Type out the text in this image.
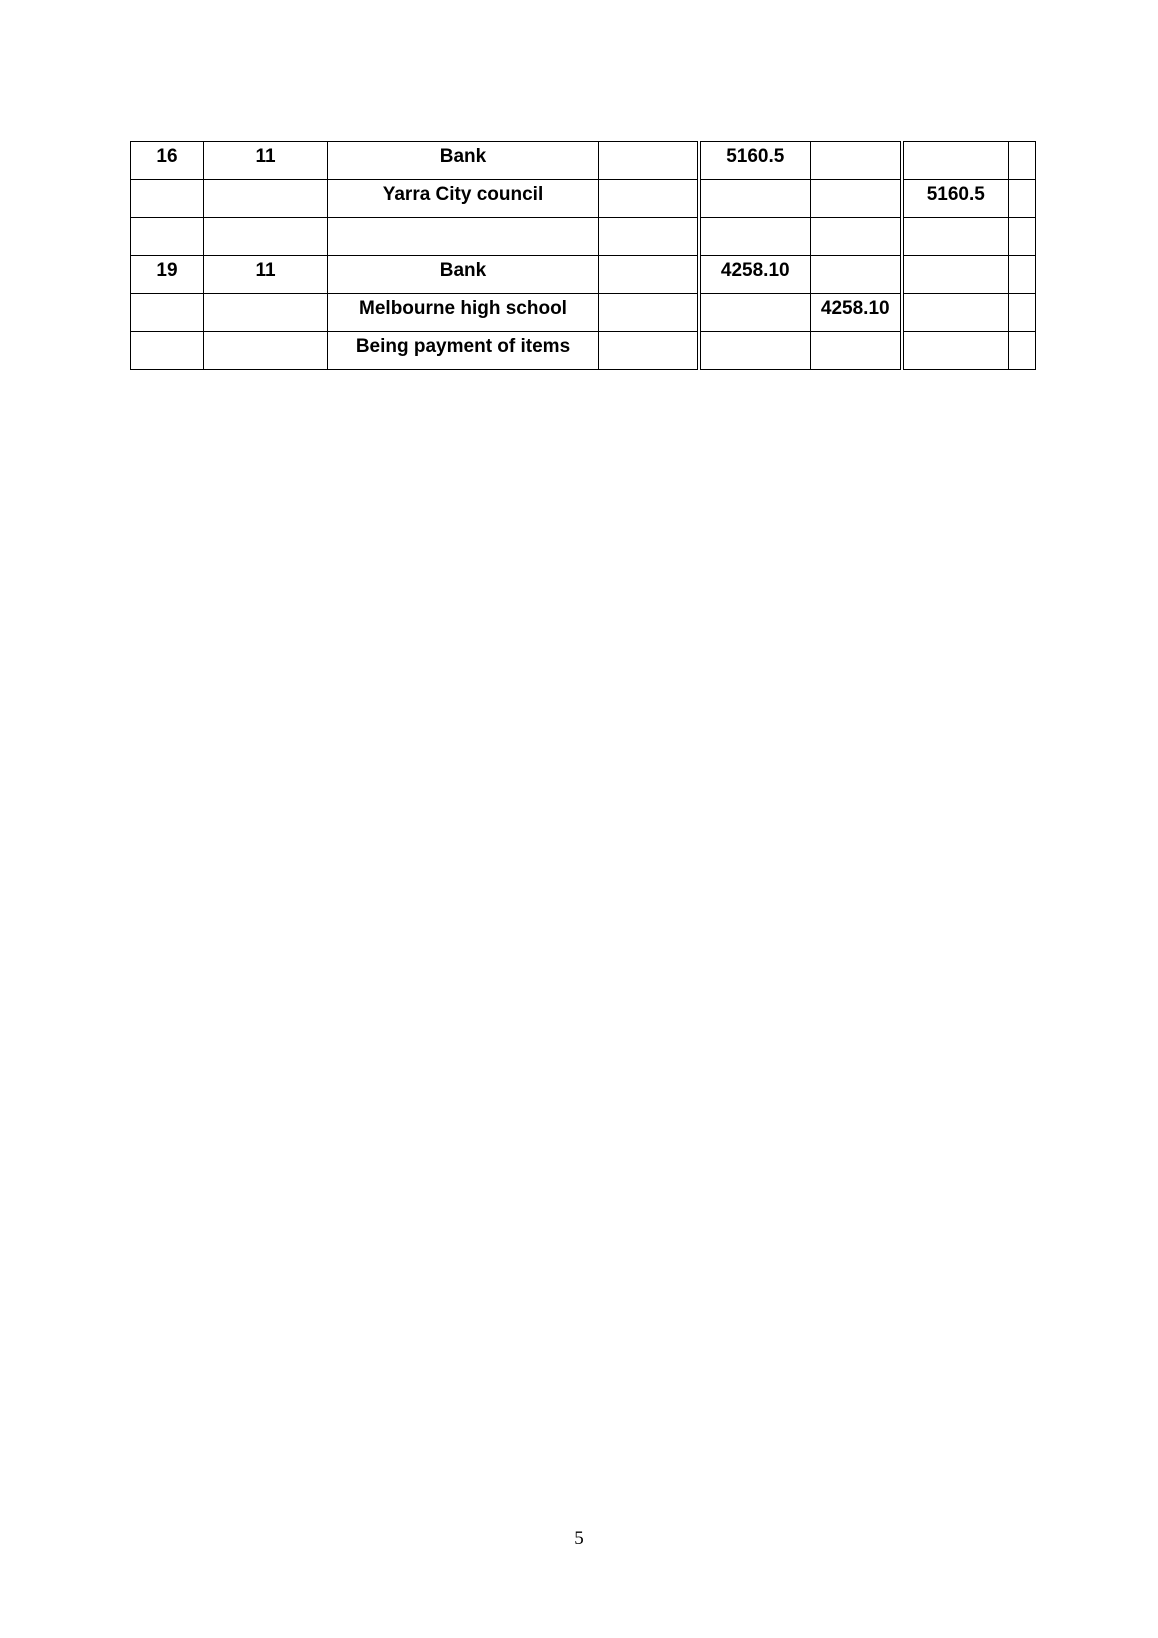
16	11	Bank		5160.5			

		Yarra City council				5160.5	

19	11	Bank		4258.10			

		Melbourne high school			4258.10		

		Being payment of items					

5
